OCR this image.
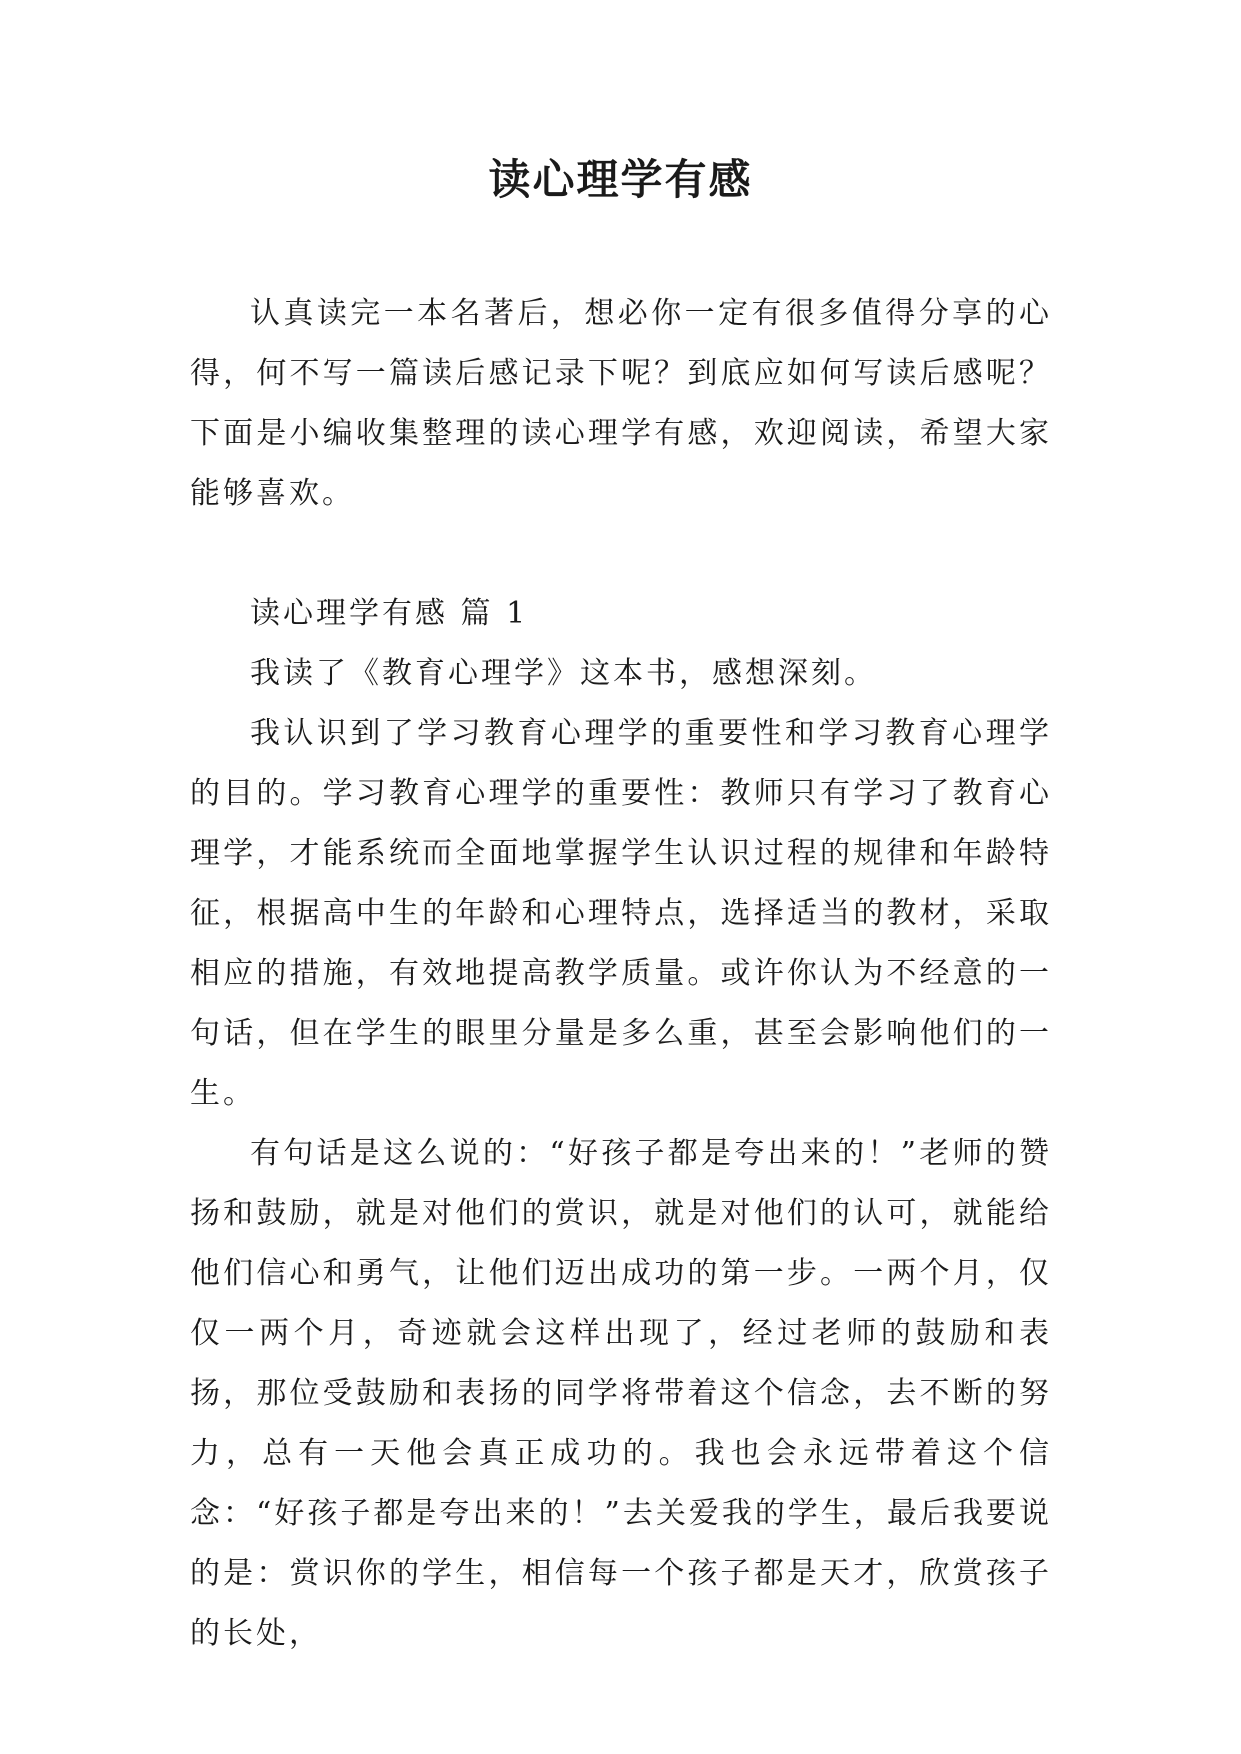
读心理学有感

认真读完一本名著后，想必你一定有很多值得分享的心得，何不写一篇读后感记录下呢？到底应如何写读后感呢？下面是小编收集整理的读心理学有感，欢迎阅读，希望大家能够喜欢。

读心理学有感 篇 1

我读了《教育心理学》这本书，感想深刻。

我认识到了学习教育心理学的重要性和学习教育心理学的目的。学习教育心理学的重要性：教师只有学习了教育心理学，才能系统而全面地掌握学生认识过程的规律和年龄特征，根据高中生的年龄和心理特点，选择适当的教材，采取相应的措施，有效地提高教学质量。或许你认为不经意的一句话，但在学生的眼里分量是多么重，甚至会影响他们的一生。

有句话是这么说的：“好孩子都是夸出来的！”老师的赞扬和鼓励，就是对他们的赏识，就是对他们的认可，就能给他们信心和勇气，让他们迈出成功的第一步。一两个月，仅仅一两个月，奇迹就会这样出现了，经过老师的鼓励和表扬，那位受鼓励和表扬的同学将带着这个信念，去不断的努力，总有一天他会真正成功的。我也会永远带着这个信念：“好孩子都是夸出来的！”去关爱我的学生，最后我要说的是：赏识你的学生，相信每一个孩子都是天才，欣赏孩子的长处，
